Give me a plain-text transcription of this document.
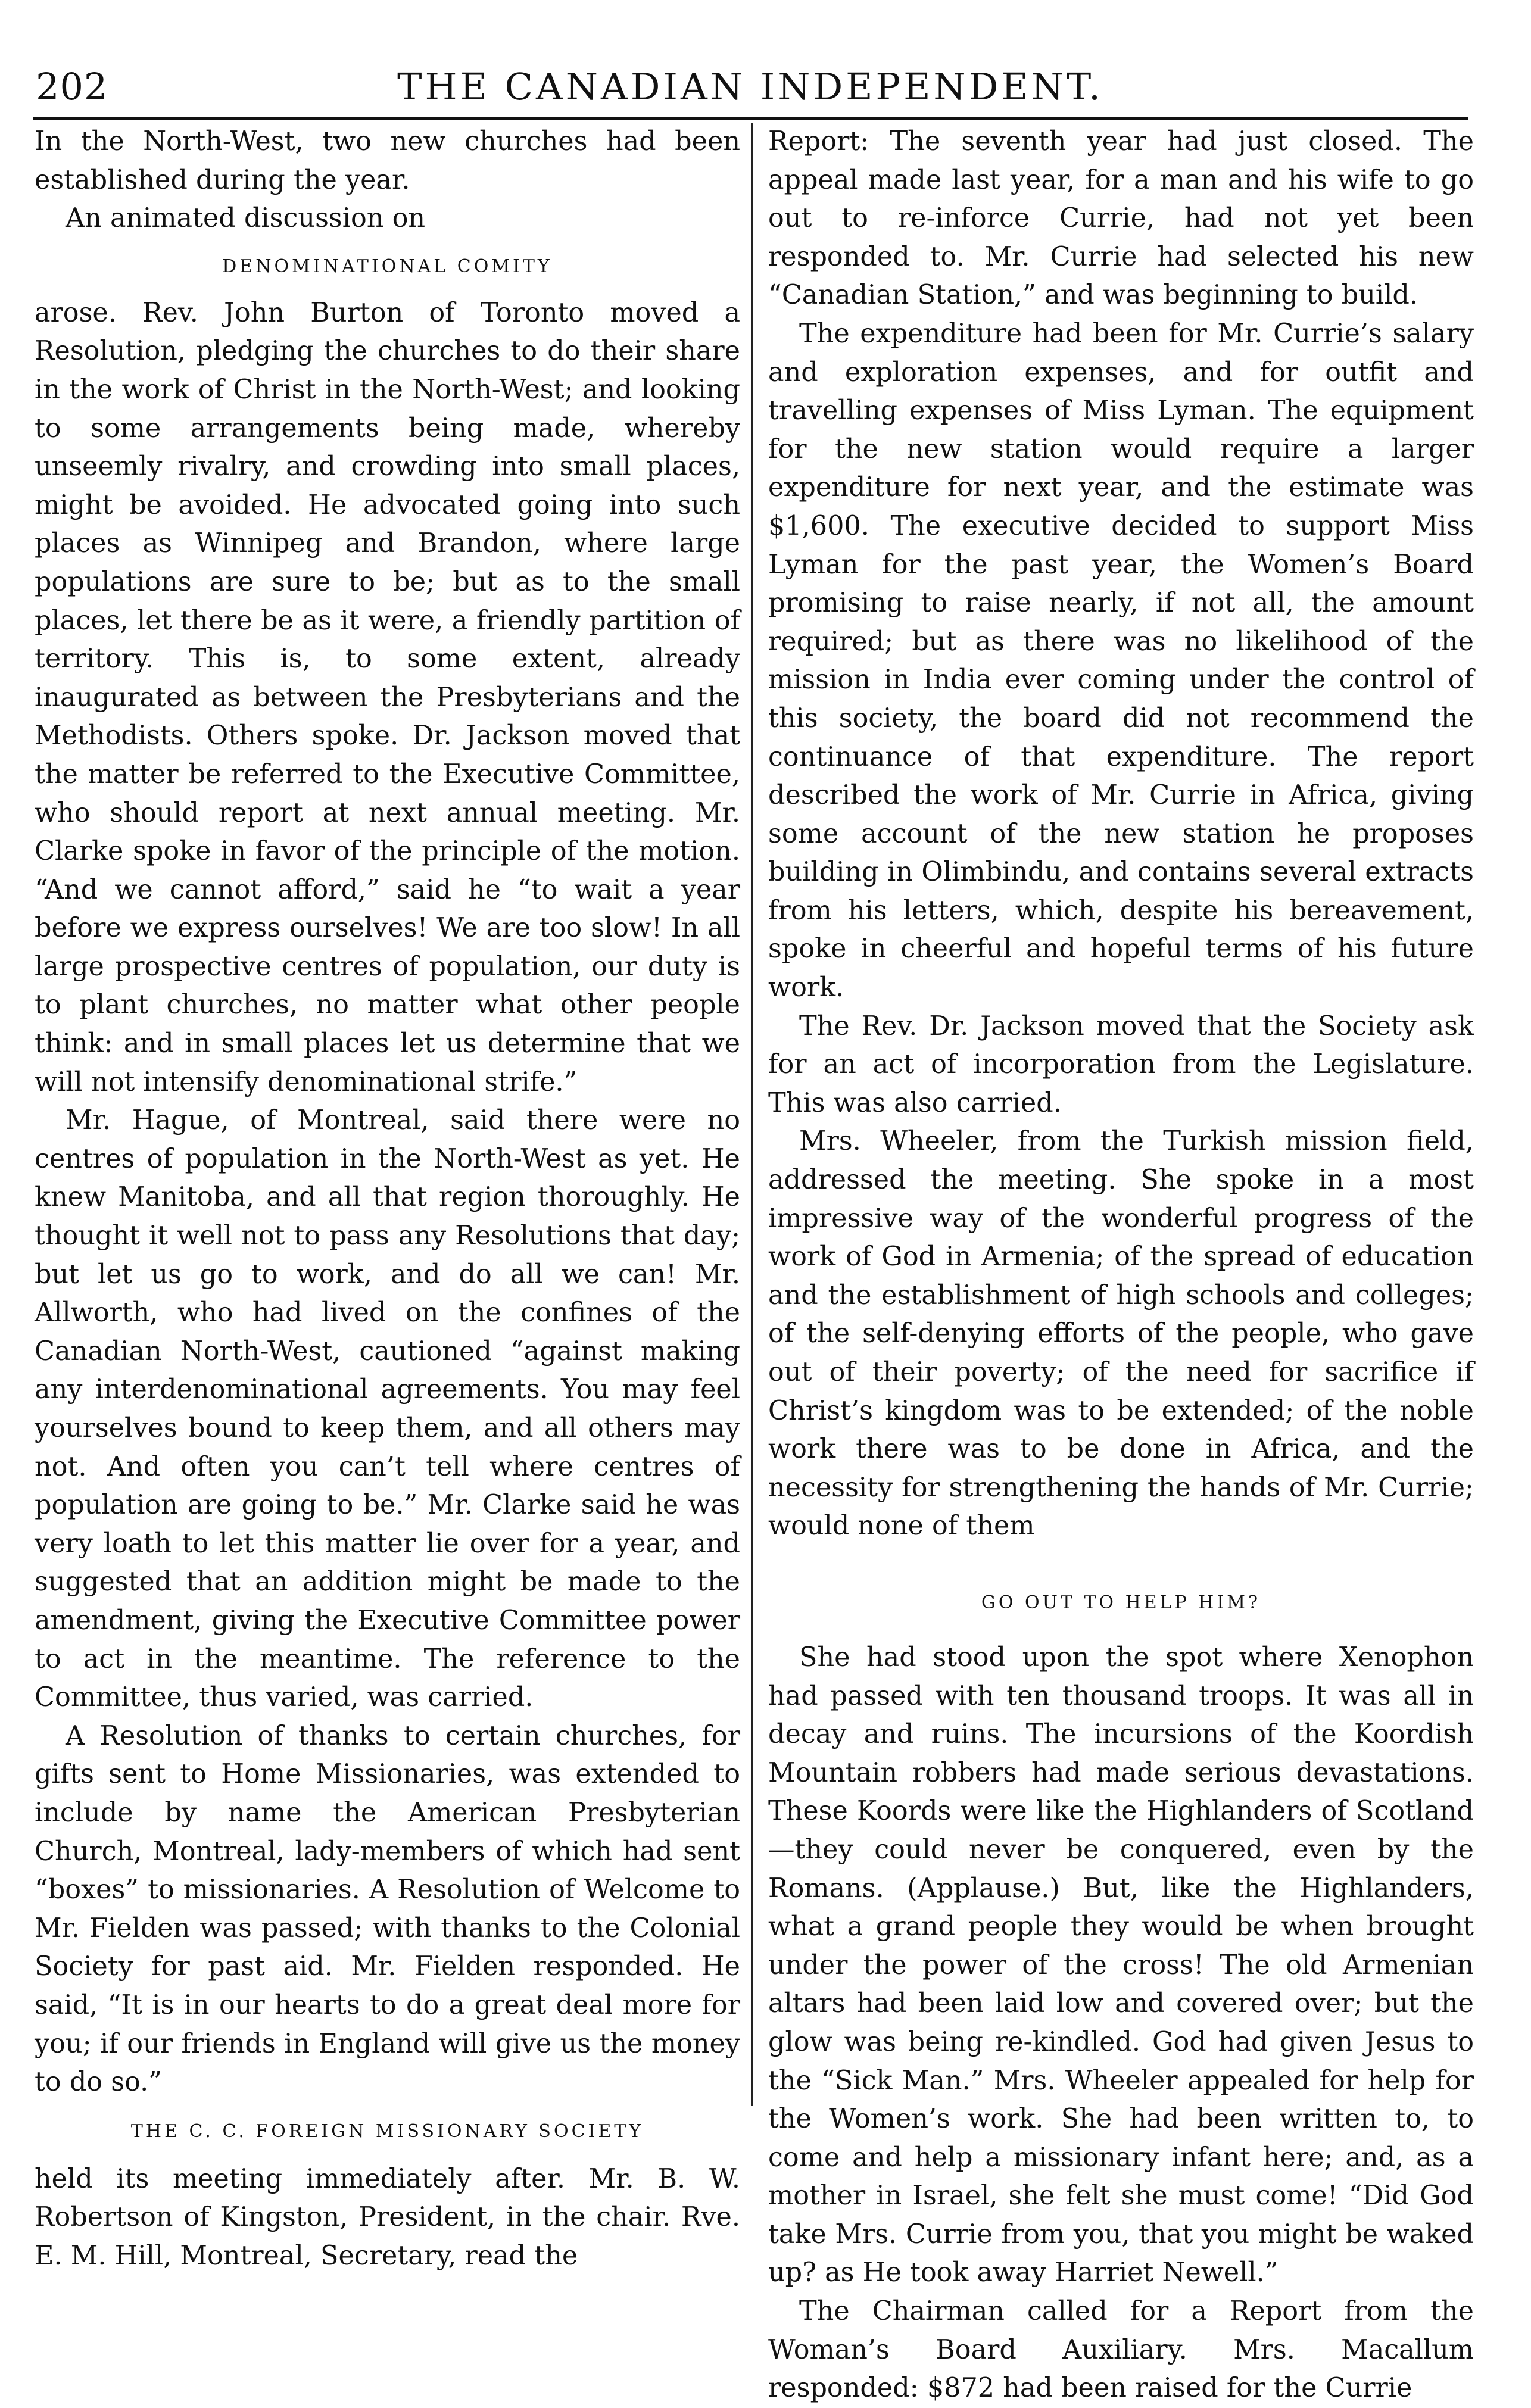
202	THE CANADIAN INDEPENDENT.

In the North-West, two new churches had been established during the year.

An animated discussion on

DENOMINATIONAL COMITY

arose. Rev. John Burton of Toronto moved a Resolution, pledging the churches to do their share in the work of Christ in the North-West; and looking to some arrangements being made, whereby unseemly rivalry, and crowding into small places, might be avoided. He advocated going into such places as Winnipeg and Brandon, where large populations are sure to be; but as to the small places, let there be as it were, a friendly partition of territory. This is, to some extent, already inaugurated as between the Presbyterians and the Methodists. Others spoke. Dr. Jackson moved that the matter be referred to the Executive Committee, who should report at next annual meeting. Mr. Clarke spoke in favor of the principle of the motion. “And we cannot afford,” said he “to wait a year before we express ourselves! We are too slow! In all large prospective centres of population, our duty is to plant churches, no matter what other people think: and in small places let us determine that we will not intensify denominational strife.”

Mr. Hague, of Montreal, said there were no centres of population in the North-West as yet. He knew Manitoba, and all that region thoroughly. He thought it well not to pass any Resolutions that day; but let us go to work, and do all we can! Mr. Allworth, who had lived on the confines of the Canadian North-West, cautioned “against making any interdenominational agreements. You may feel yourselves bound to keep them, and all others may not. And often you can’t tell where centres of population are going to be.” Mr. Clarke said he was very loath to let this matter lie over for a year, and suggested that an addition might be made to the amendment, giving the Executive Committee power to act in the meantime. The reference to the Committee, thus varied, was carried.

A Resolution of thanks to certain churches, for gifts sent to Home Missionaries, was extended to include by name the American Presbyterian Church, Montreal, lady-members of which had sent “boxes” to missionaries. A Resolution of Welcome to Mr. Fielden was passed; with thanks to the Colonial Society for past aid. Mr. Fielden responded. He said, “It is in our hearts to do a great deal more for you; if our friends in England will give us the money to do so.”

THE C. C. FOREIGN MISSIONARY SOCIETY

held its meeting immediately after. Mr. B. W. Robertson of Kingston, President, in the chair. Rve. E. M. Hill, Montreal, Secretary, read the

Report: The seventh year had just closed. The appeal made last year, for a man and his wife to go out to re-inforce Currie, had not yet been responded to. Mr. Currie had selected his new “Canadian Station,” and was beginning to build.

The expenditure had been for Mr. Currie’s salary and exploration expenses, and for outfit and travelling expenses of Miss Lyman. The equipment for the new station would require a larger expenditure for next year, and the estimate was $1,600. The executive decided to support Miss Lyman for the past year, the Women’s Board promising to raise nearly, if not all, the amount required; but as there was no likelihood of the mission in India ever coming under the control of this society, the board did not recommend the continuance of that expenditure. The report described the work of Mr. Currie in Africa, giving some account of the new station he proposes building in Olimbindu, and contains several extracts from his letters, which, despite his bereavement, spoke in cheerful and hopeful terms of his future work.

The Rev. Dr. Jackson moved that the Society ask for an act of incorporation from the Legislature. This was also carried.

Mrs. Wheeler, from the Turkish mission field, addressed the meeting. She spoke in a most impressive way of the wonderful progress of the work of God in Armenia; of the spread of education and the establishment of high schools and colleges; of the self-denying efforts of the people, who gave out of their poverty; of the need for sacrifice if Christ’s kingdom was to be extended; of the noble work there was to be done in Africa, and the necessity for strengthening the hands of Mr. Currie; would none of them

GO OUT TO HELP HIM?

She had stood upon the spot where Xenophon had passed with ten thousand troops. It was all in decay and ruins. The incursions of the Koordish Mountain robbers had made serious devastations. These Koords were like the Highlanders of Scotland—they could never be conquered, even by the Romans. (Applause.) But, like the Highlanders, what a grand people they would be when brought under the power of the cross! The old Armenian altars had been laid low and covered over; but the glow was being re-kindled. God had given Jesus to the “Sick Man.” Mrs. Wheeler appealed for help for the Women’s work. She had been written to, to come and help a missionary infant here; and, as a mother in Israel, she felt she must come! “Did God take Mrs. Currie from you, that you might be waked up? as He took away Harriet Newell.”

The Chairman called for a Report from the Woman’s Board Auxiliary. Mrs. Macallum responded: $872 had been raised for the Currie
